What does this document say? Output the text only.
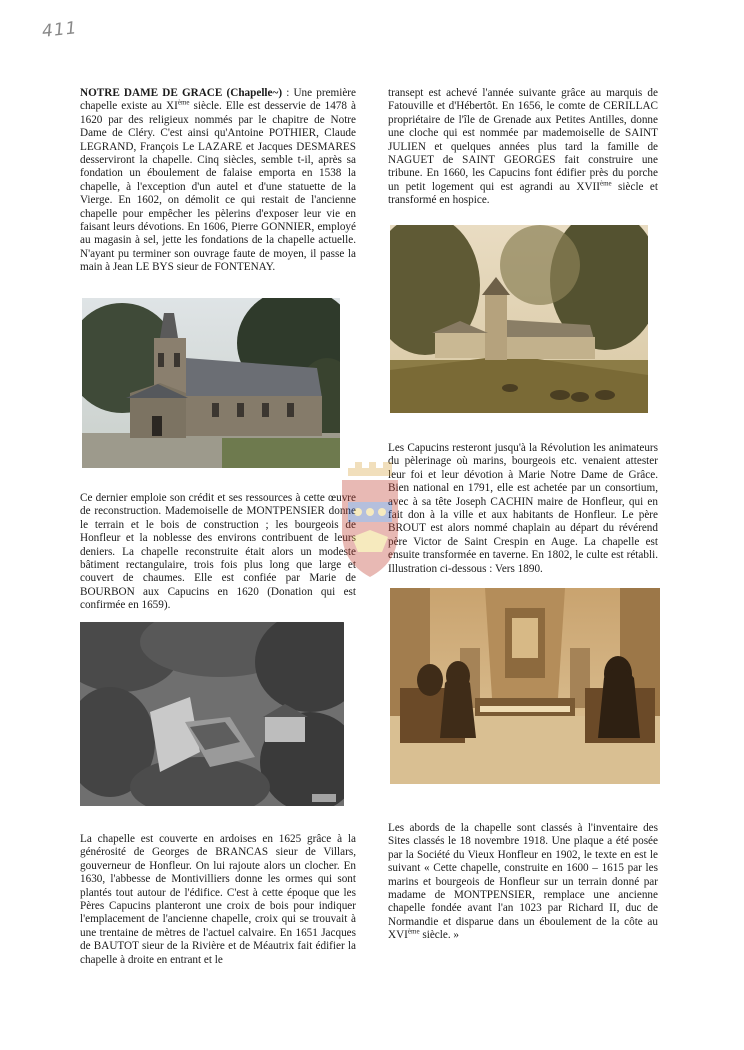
411

NOTRE DAME DE GRACE (Chapelle~) : Une première chapelle existe au XIème siècle. Elle est desservie de 1478 à 1620 par des religieux nommés par le chapitre de Notre Dame de Cléry. C'est ainsi qu'Antoine POTHIER, Claude LEGRAND, François Le LAZARE et Jacques DESMARES desserviront la chapelle. Cinq siècles, semble t-il, après sa fondation un éboulement de falaise emporta en 1538 la chapelle, à l'exception d'un autel et d'une statuette de la Vierge. En 1602, on démolit ce qui restait de l'ancienne chapelle pour empêcher les pèlerins d'exposer leur vie en faisant leurs dévotions. En 1606, Pierre GONNIER, employé au magasin à sel, jette les fondations de la chapelle actuelle. N'ayant pu terminer son ouvrage faute de moyen, il passe la main à Jean LE BYS sieur de FONTENAY.

Ce dernier emploie son crédit et ses ressources à cette œuvre de reconstruction. Mademoiselle de MONTPENSIER donne le terrain et le bois de construction ; les bourgeois de Honfleur et la noblesse des environs contribuent de leurs deniers. La chapelle reconstruite était alors un modeste bâtiment rectangulaire, trois fois plus long que large et couvert de chaumes. Elle est confiée par Marie de BOURBON aux Capucins en 1620 (Donation qui est confirmée en 1659).

La chapelle est couverte en ardoises en 1625 grâce à la générosité de Georges de BRANCAS sieur de Villars, gouverneur de Honfleur. On lui rajoute alors un clocher. En 1630, l'abbesse de Montivilliers donne les ormes qui sont plantés tout autour de l'édifice. C'est à cette époque que les Pères Capucins planteront une croix de bois pour indiquer l'emplacement de l'ancienne chapelle, croix qui se trouvait à une trentaine de mètres de l'actuel calvaire. En 1651 Jacques de BAUTOT sieur de la Rivière et de Méautrix fait édifier la chapelle à droite en entrant et le

transept est achevé l'année suivante grâce au marquis de Fatouville et d'Hébertôt. En 1656, le comte de CERILLAC propriétaire de l'île de Grenade aux Petites Antilles, donne une cloche qui est nommée par mademoiselle de SAINT JULIEN et quelques années plus tard la famille de NAGUET de SAINT GEORGES fait construire une tribune. En 1660, les Capucins font édifier près du porche un petit logement qui est agrandi au XVIIème siècle et transformé en hospice.

Les Capucins resteront jusqu'à la Révolution les animateurs du pèlerinage où marins, bourgeois etc. venaient attester leur foi et leur dévotion à Marie Notre Dame de Grâce. Bien national en 1791, elle est achetée par un consortium, avec à sa tête Joseph CACHIN maire de Honfleur, qui en fait don à la ville et aux habitants de Honfleur. Le père BROUT est alors nommé chaplain au départ du révérend père Victor de Saint Crespin en Auge. La chapelle est ensuite transformée en taverne. En 1802, le culte est rétabli. Illustration ci-dessous : Vers 1890.

Les abords de la chapelle sont classés à l'inventaire des Sites classés le 18 novembre 1918. Une plaque a été posée par la Société du Vieux Honfleur en 1902, le texte en est le suivant « Cette chapelle, construite en 1600 – 1615 par les marins et bourgeois de Honfleur sur un terrain donné par madame de MONTPENSIER, remplace une ancienne chapelle fondée avant l'an 1023 par Richard II, duc de Normandie et disparue dans un éboulement de la côte au XVIème siècle. »
